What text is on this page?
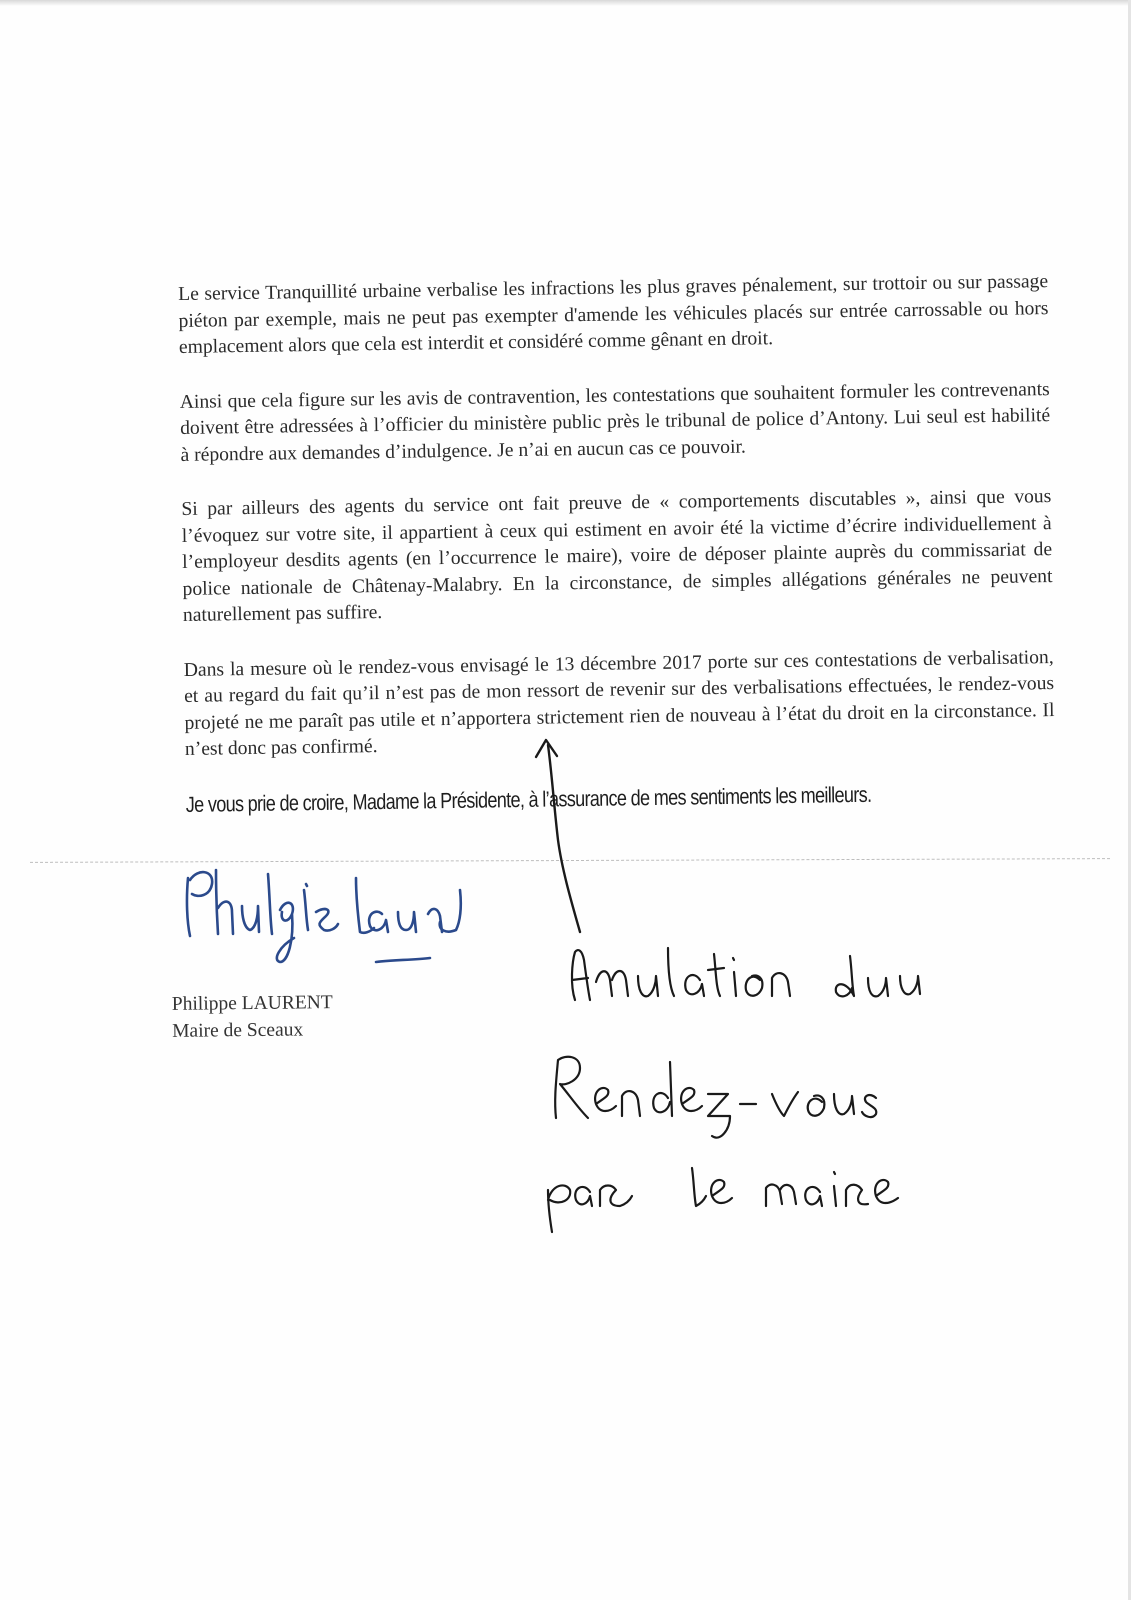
Le service Tranquillité urbaine verbalise les infractions les plus graves pénalement, sur trottoir ou sur passage piéton par exemple, mais ne peut pas exempter d'amende les véhicules placés sur entrée carrossable ou hors emplacement alors que cela est interdit et considéré comme gênant en droit.

Ainsi que cela figure sur les avis de contravention, les contestations que souhaitent formuler les contrevenants doivent être adressées à l’officier du ministère public près le tribunal de police d’Antony. Lui seul est habilité à répondre aux demandes d’indulgence. Je n’ai en aucun cas ce pouvoir.

Si par ailleurs des agents du service ont fait preuve de « comportements discutables », ainsi que vous l’évoquez sur votre site, il appartient à ceux qui estiment en avoir été la victime d’écrire individuellement à l’employeur desdits agents (en l’occurrence le maire), voire de déposer plainte auprès du commissariat de police nationale de Châtenay-Malabry. En la circonstance, de simples allégations générales ne peuvent naturellement pas suffire.

Dans la mesure où le rendez-vous envisagé le 13 décembre 2017 porte sur ces contestations de verbalisation, et au regard du fait qu’il n’est pas de mon ressort de revenir sur des verbalisations effectuées, le rendez-vous projeté ne me paraît pas utile et n’apportera strictement rien de nouveau à l’état du droit en la circonstance. Il n’est donc pas confirmé.

Je vous prie de croire, Madame la Présidente, à l’assurance de mes sentiments les meilleurs.
Philippe LAURENT
Maire de Sceaux
